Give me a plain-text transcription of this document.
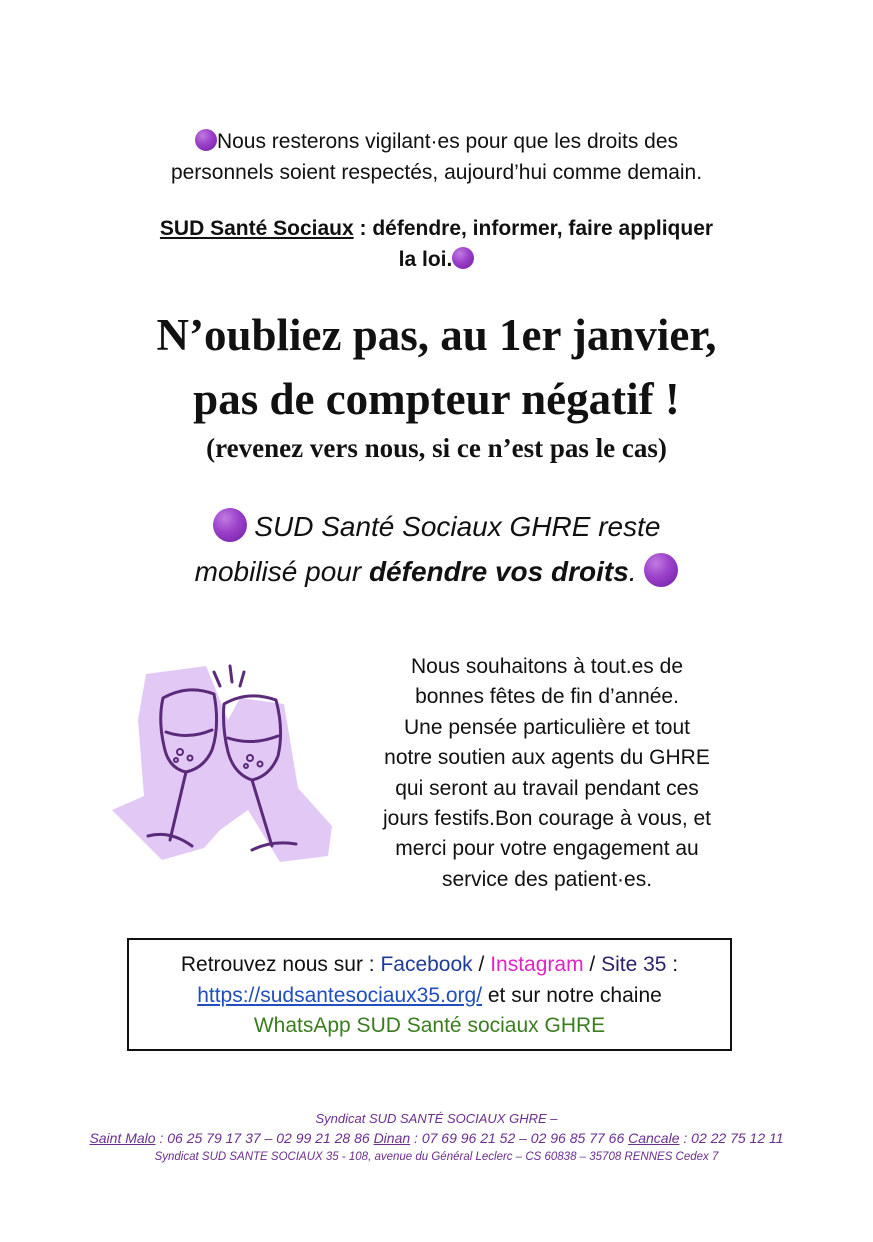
Nous resterons vigilant·es pour que les droits des
personnels soient respectés, aujourd’hui comme demain.
SUD Santé Sociaux : défendre, informer, faire appliquer
la loi.
N’oubliez pas, au 1er janvier,
pas de compteur négatif !
(revenez vers nous, si ce n’est pas le cas)
SUD Santé Sociaux GHRE reste
mobilisé pour défendre vos droits.
Nous souhaitons à tout.es de
bonnes fêtes de fin d’année.
Une pensée particulière et tout
notre soutien aux agents du GHRE
qui seront au travail pendant ces
jours festifs.Bon courage à vous, et
merci pour votre engagement au
service des patient·es.
Retrouvez nous sur : Facebook / Instagram / Site 35 :
https://sudsantesociaux35.org/ et sur notre chaine
WhatsApp SUD Santé sociaux GHRE
Syndicat SUD SANTÉ SOCIAUX GHRE –
Saint Malo : 06 25 79 17 37 – 02 99 21 28 86 Dinan : 07 69 96 21 52 – 02 96 85 77 66 Cancale : 02 22 75 12 11
Syndicat SUD SANTE SOCIAUX 35 - 108, avenue du Général Leclerc – CS 60838 – 35708 RENNES Cedex 7
